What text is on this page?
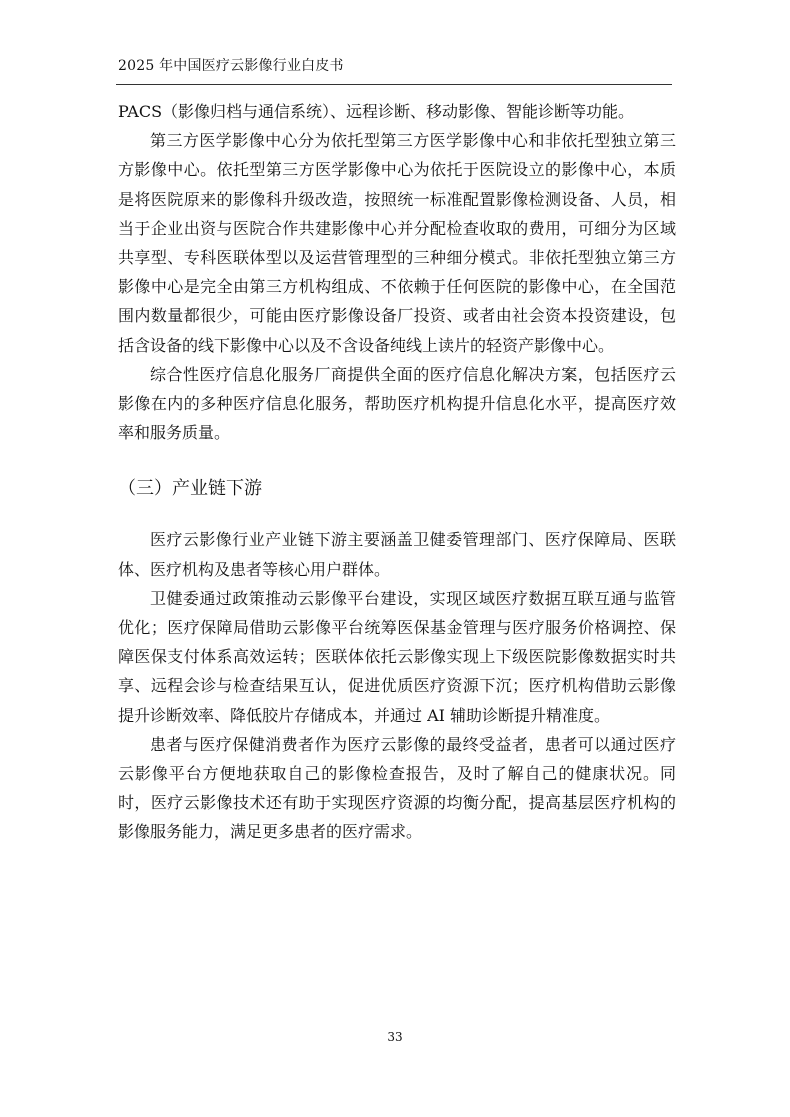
2025 年中国医疗云影像行业白皮书

PACS（影像归档与通信系统）、远程诊断、移动影像、智能诊断等功能。

第三方医学影像中心分为依托型第三方医学影像中心和非依托型独立第三方影像中心。依托型第三方医学影像中心为依托于医院设立的影像中心，本质是将医院原来的影像科升级改造，按照统一标准配置影像检测设备、人员，相当于企业出资与医院合作共建影像中心并分配检查收取的费用，可细分为区域共享型、专科医联体型以及运营管理型的三种细分模式。非依托型独立第三方影像中心是完全由第三方机构组成、不依赖于任何医院的影像中心，在全国范围内数量都很少，可能由医疗影像设备厂投资、或者由社会资本投资建设，包括含设备的线下影像中心以及不含设备纯线上读片的轻资产影像中心。

综合性医疗信息化服务厂商提供全面的医疗信息化解决方案，包括医疗云影像在内的多种医疗信息化服务，帮助医疗机构提升信息化水平，提高医疗效率和服务质量。

（三）产业链下游

医疗云影像行业产业链下游主要涵盖卫健委管理部门、医疗保障局、医联体、医疗机构及患者等核心用户群体。

卫健委通过政策推动云影像平台建设，实现区域医疗数据互联互通与监管优化；医疗保障局借助云影像平台统筹医保基金管理与医疗服务价格调控、保障医保支付体系高效运转；医联体依托云影像实现上下级医院影像数据实时共享、远程会诊与检查结果互认，促进优质医疗资源下沉；医疗机构借助云影像提升诊断效率、降低胶片存储成本，并通过 AI 辅助诊断提升精准度。

患者与医疗保健消费者作为医疗云影像的最终受益者，患者可以通过医疗云影像平台方便地获取自己的影像检查报告，及时了解自己的健康状况。同时，医疗云影像技术还有助于实现医疗资源的均衡分配，提高基层医疗机构的影像服务能力，满足更多患者的医疗需求。

33
